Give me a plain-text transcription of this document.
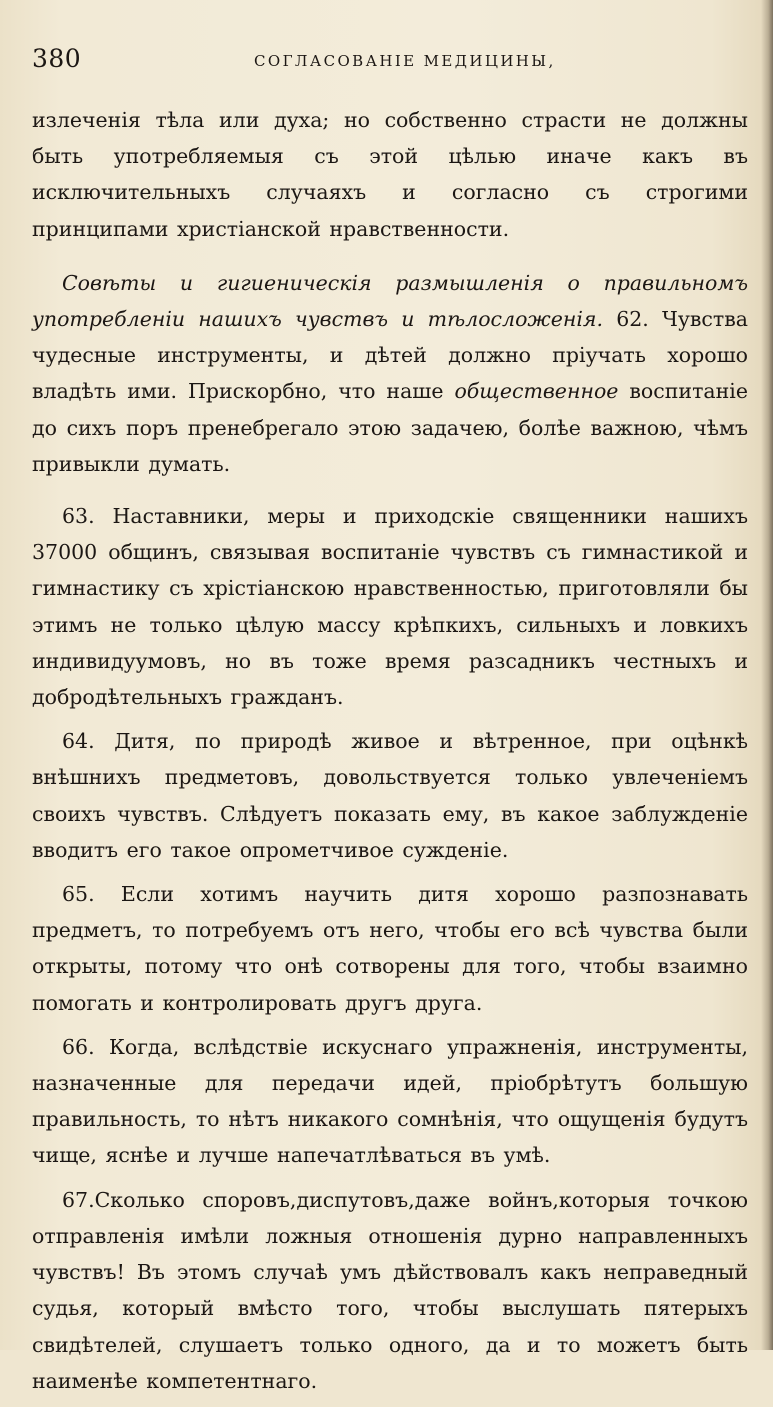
380	СОГЛАСОВАНІЕ МЕДИЦИНЫ,

излеченія тѣла или духа; но собственно страсти не должны быть употребляемыя съ этой цѣлью иначе какъ въ исключительныхъ случаяхъ и согласно съ строгими принципами христіанской нравственности.

Совѣты и гигиеническія размышленія о правильномъ употребленіи нашихъ чувствъ и тѣлосложенія. 62. Чувства чудесные инструменты, и дѣтей должно пріучать хорошо владѣть ими. Прискорбно, что наше общественное воспитаніе до сихъ поръ пренебрегало этою задачею, болѣе важною, чѣмъ привыкли думать.

63. Наставники, меры и приходскіе священники нашихъ 37000 общинъ, связывая воспитаніе чувствъ съ гимнастикой и гимнастику съ хрістіанскою нравственностью, приготовляли бы этимъ не только цѣлую массу крѣпкихъ, сильныхъ и ловкихъ индивидуумовъ, но въ тоже время разсадникъ честныхъ и добродѣтельныхъ гражданъ.

64. Дитя, по природѣ живое и вѣтренное, при оцѣнкѣ внѣшнихъ предметовъ, довольствуется только увлеченіемъ своихъ чувствъ. Слѣдуетъ показать ему, въ какое заблужденіе вводитъ его такое опрометчивое сужденіе.

65. Если хотимъ научить дитя хорошо разпознавать предметъ, то потребуемъ отъ него, чтобы его всѣ чувства были открыты, потому что онѣ сотворены для того, чтобы взаимно помогать и контролировать другъ друга.

66. Когда, вслѣдствіе искуснаго упражненія, инструменты, назначенные для передачи идей, пріобрѣтутъ большую правильность, то нѣтъ никакого сомнѣнія, что ощущенія будутъ чище, яснѣе и лучше напечатлѣваться въ умѣ.

67.Сколько споровъ,диспутовъ,даже войнъ,которыя точкою отправленія имѣли ложныя отношенія дурно направленныхъ чувствъ! Въ этомъ случаѣ умъ дѣйствовалъ какъ неправедный судья, который вмѣсто того, чтобы выслушать пятерыхъ свидѣтелей, слушаетъ только одного, да и то можетъ быть наименѣе компетентнаго.
